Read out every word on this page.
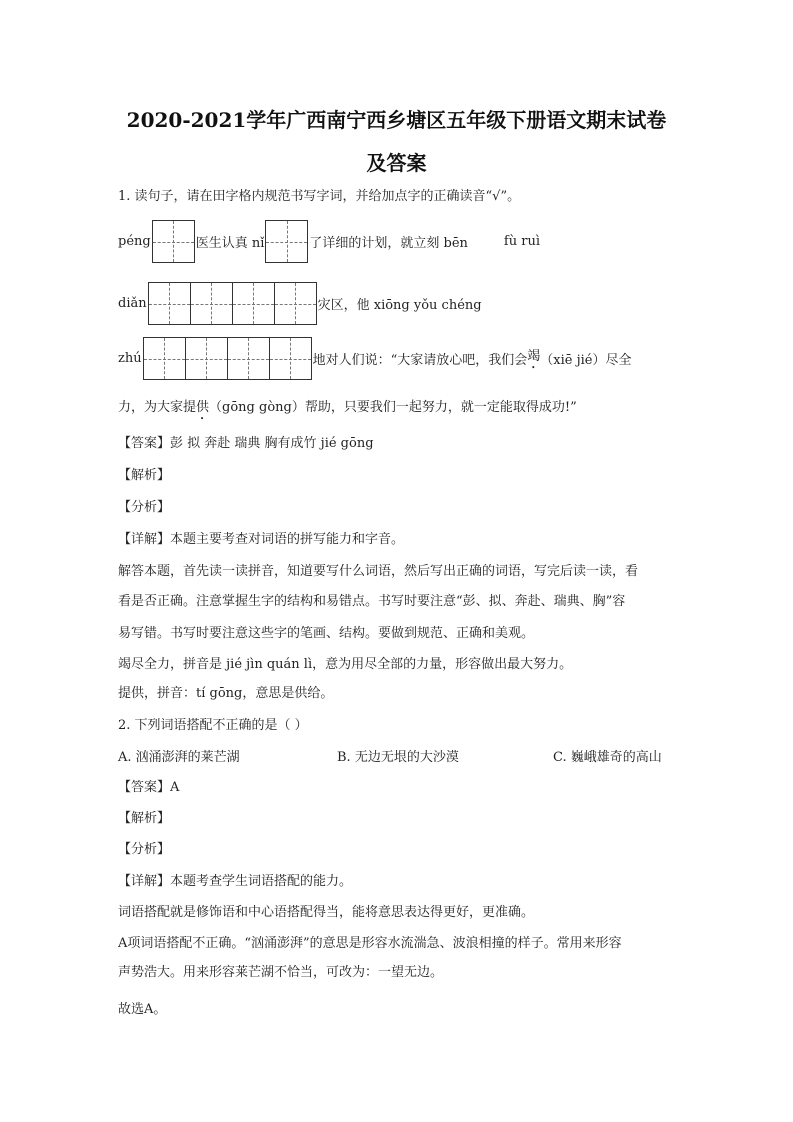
2020-2021学年广西南宁西乡塘区五年级下册语文期末试卷
及答案
1. 读句子，请在田字格内规范书写字词，并给加点字的正确读音“√”。
péng	医生认真 nǐ	了详细的计划，就立刻 bēn	fù ruì
diǎn	灾区，他 xiōng yǒu chéng
zhú	地对人们说：“大家请放心吧，我们会 竭 （xiē jié）尽全
力，为大家提供（gōng gòng）帮助，只要我们一起努力，就一定能取得成功!”
【答案】彭 拟 奔赴 瑞典 胸有成竹 jié gōng
【解析】
【分析】
【详解】本题主要考查对词语的拼写能力和字音。
解答本题，首先读一读拼音，知道要写什么词语，然后写出正确的词语，写完后读一读，看
看是否正确。注意掌握生字的结构和易错点。书写时要注意“彭、拟、奔赴、瑞典、胸”容
易写错。书写时要注意这些字的笔画、结构。要做到规范、正确和美观。
竭尽全力，拼音是 jié jìn quán lì，意为用尽全部的力量，形容做出最大努力。
提供，拼音：tí gōng，意思是供给。
2. 下列词语搭配不正确的是（ ）
A. 汹涌澎湃的莱芒湖	B. 无边无垠的大沙漠	C. 巍峨雄奇的高山
【答案】A
【解析】
【分析】
【详解】本题考查学生词语搭配的能力。
词语搭配就是修饰语和中心语搭配得当，能将意思表达得更好，更准确。
A项词语搭配不正确。“汹涌澎湃”的意思是形容水流湍急、波浪相撞的样子。常用来形容
声势浩大。用来形容莱芒湖不恰当，可改为：一望无边。
故选A。
